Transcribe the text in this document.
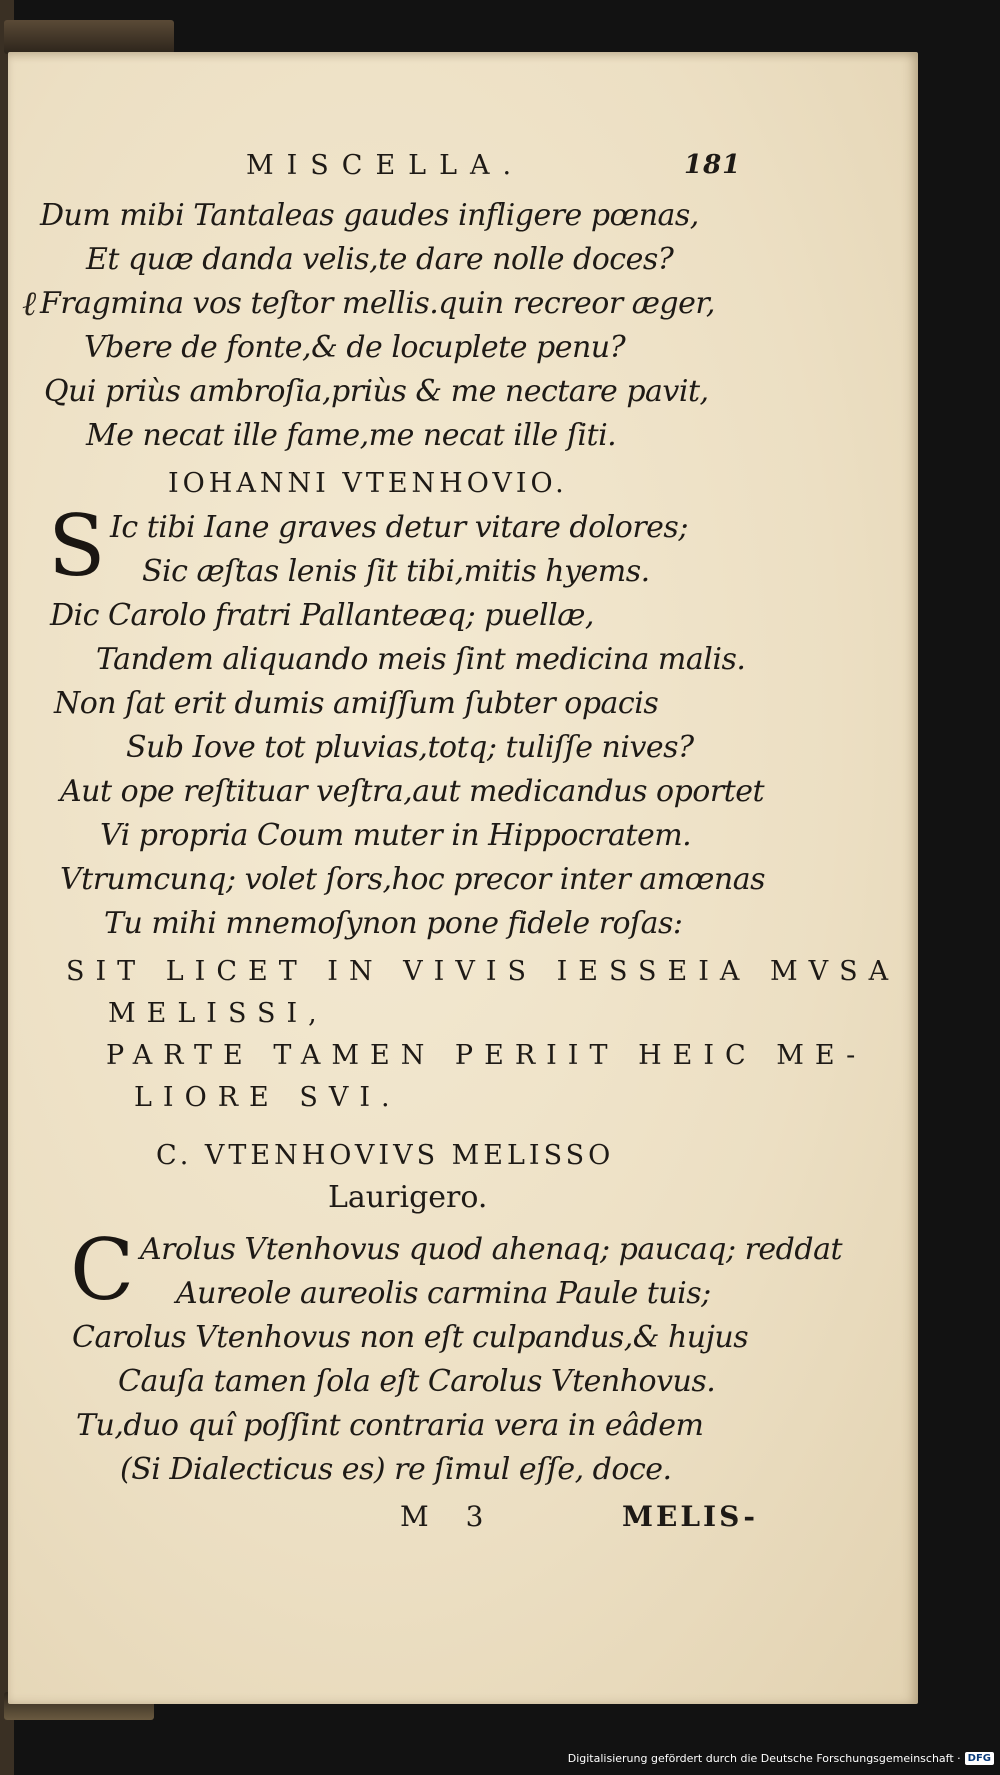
MISCELLA.	181
ℓ
Dum mibi Tantaleas gaudes infligere pœnas,
Et quæ danda velis,te dare nolle doces?
Fragmina vos teſtor mellis.quin recreor æger,
Vbere de fonte,& de locuplete penu?
Qui priùs ambroſia,priùs & me nectare pavit,
Me necat ille fame,me necat ille ſiti.
IOHANNI VTENHOVIO.
S Ic tibi Iane graves detur vitare dolores;
Sic æſtas lenis ſit tibi,mitis hyems.
Dic Carolo fratri Pallanteæq; puellæ,
Tandem aliquando meis ſint medicina malis.
Non ſat erit dumis amiſſum ſubter opacis
Sub Iove tot pluvias,totq; tuliſſe nives?
Aut ope reſtituar veſtra,aut medicandus oportet
Vi propria Coum muter in Hippocratem.
Vtrumcunq; volet ſors,hoc precor inter amœnas
Tu mihi mnemoſynon pone fidele roſas:
SIT LICET IN VIVIS IESSEIA MVSA
MELISSI,
PARTE TAMEN PERIIT HEIC ME-
LIORE SVI.
C. VTENHOVIVS MELISSO
Laurigero.
C Arolus Vtenhovus quod ahenaq; paucaq; reddat
Aureole aureolis carmina Paule tuis;
Carolus Vtenhovus non eſt culpandus,& hujus
Cauſa tamen ſola eſt Carolus Vtenhovus.
Tu,duo quî poſſint contraria vera in eâdem
(Si Dialecticus es) re ſimul eſſe, doce.
M 3	MELIS-
Digitalisierung gefördert durch die Deutsche Forschungsgemeinschaft · DFG
